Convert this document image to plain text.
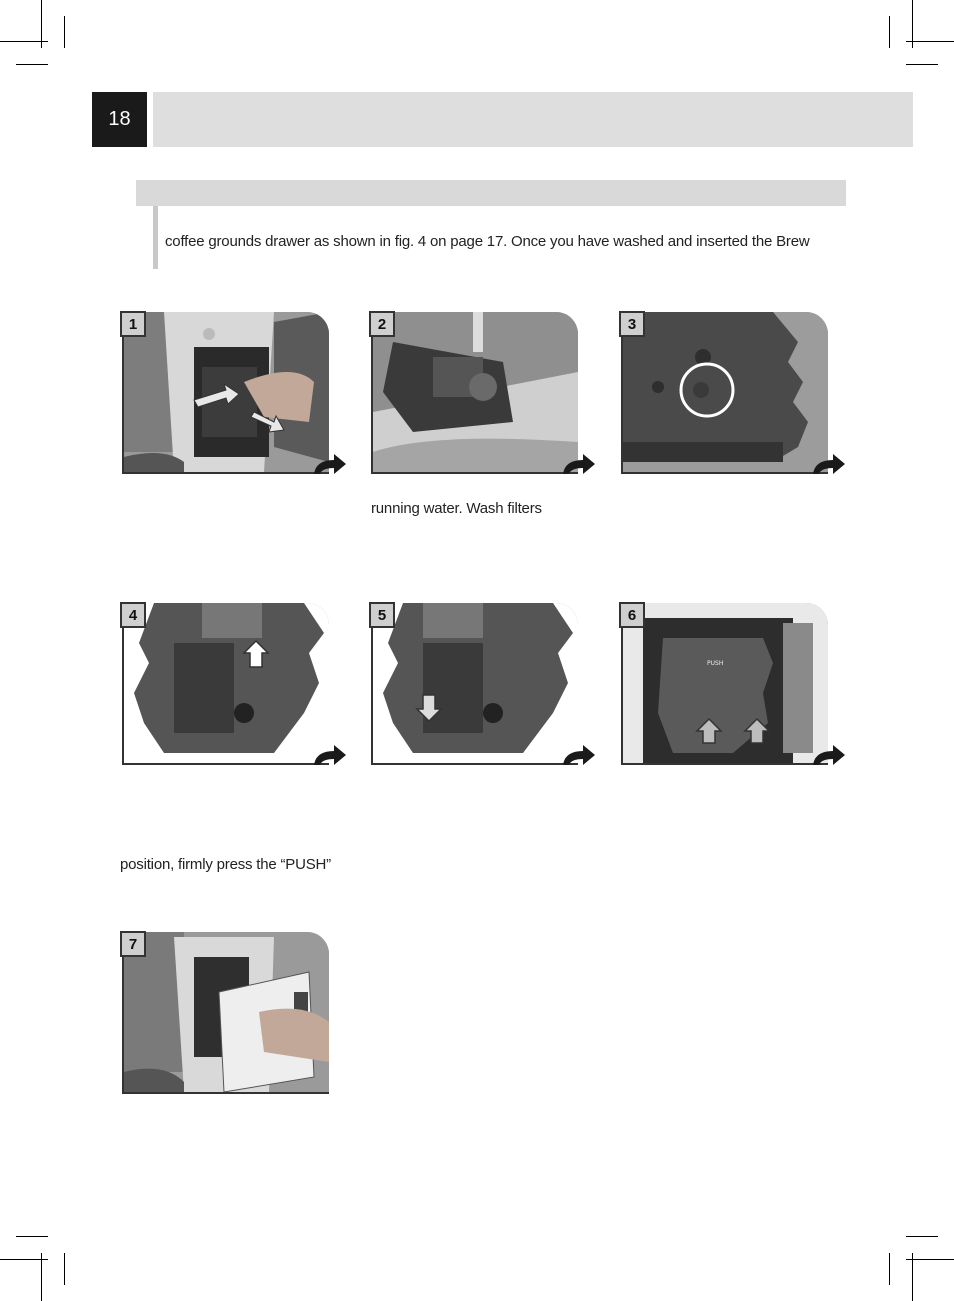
18
coffee grounds drawer as shown in fig. 4 on page 17. Once you have washed and inserted the Brew
1	2	3
running water. Wash filters
4	5	6
PUSH
position, firmly press the “PUSH”
7
